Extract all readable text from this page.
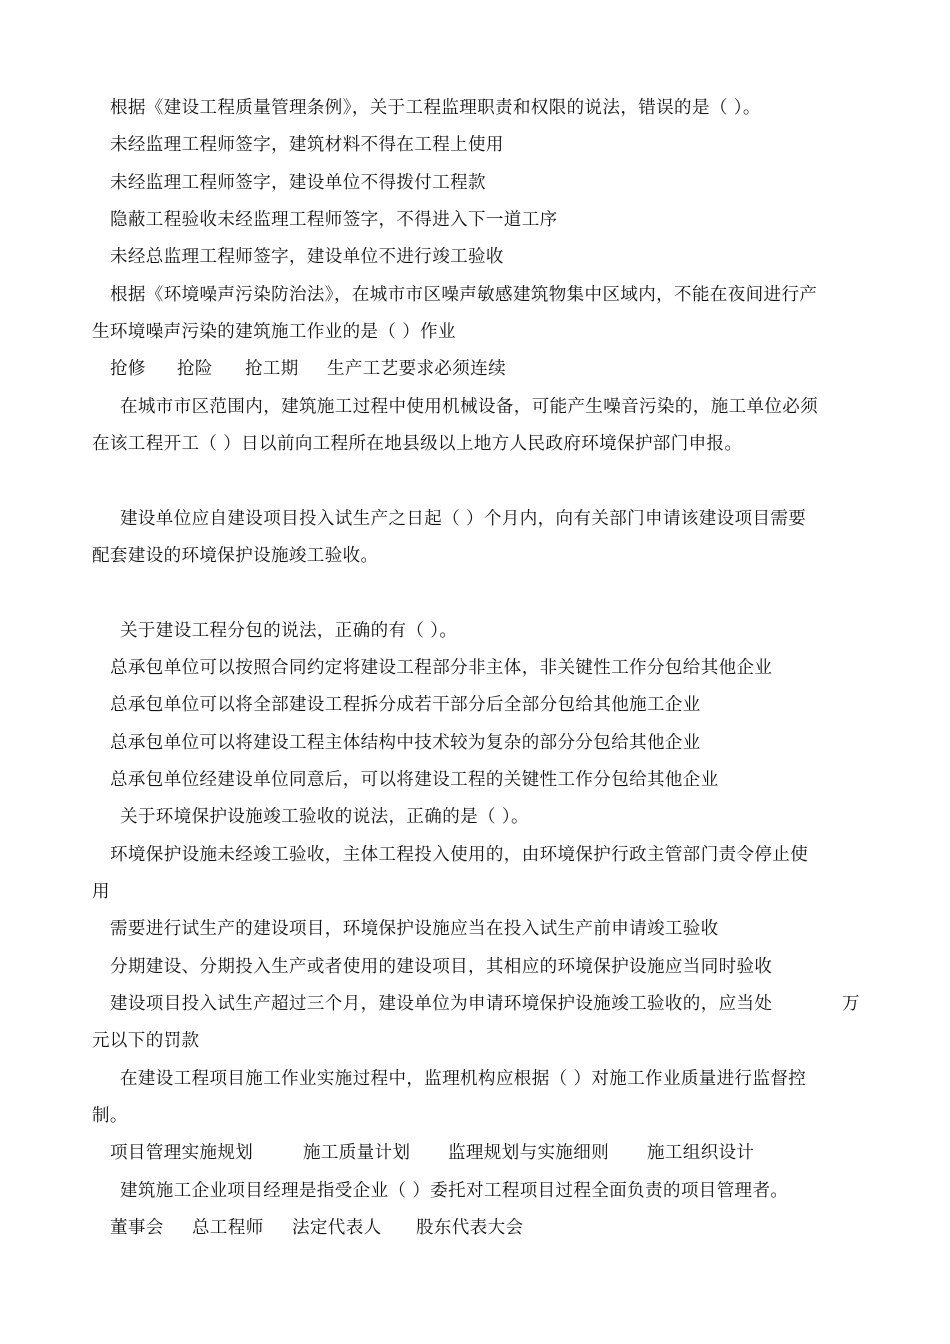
根据《建设工程质量管理条例》，关于工程监理职责和权限的说法，错误的是（ ）。
未经监理工程师签字，建筑材料不得在工程上使用
未经监理工程师签字，建设单位不得拨付工程款
隐蔽工程验收未经监理工程师签字，不得进入下一道工序
未经总监理工程师签字，建设单位不进行竣工验收
根据《环境噪声污染防治法》，在城市市区噪声敏感建筑物集中区域内，不能在夜间进行产
生环境噪声污染的建筑施工作业的是（ ）作业
抢修	抢险	抢工期	生产工艺要求必须连续
在城市市区范围内，建筑施工过程中使用机械设备，可能产生噪音污染的，施工单位必须
在该工程开工（ ）日以前向工程所在地县级以上地方人民政府环境保护部门申报。
建设单位应自建设项目投入试生产之日起（ ）个月内，向有关部门申请该建设项目需要
配套建设的环境保护设施竣工验收。
关于建设工程分包的说法，正确的有（ ）。
总承包单位可以按照合同约定将建设工程部分非主体，非关键性工作分包给其他企业
总承包单位可以将全部建设工程拆分成若干部分后全部分包给其他施工企业
总承包单位可以将建设工程主体结构中技术较为复杂的部分分包给其他企业
总承包单位经建设单位同意后，可以将建设工程的关键性工作分包给其他企业
关于环境保护设施竣工验收的说法，正确的是（ ）。
环境保护设施未经竣工验收，主体工程投入使用的，由环境保护行政主管部门责令停止使
用
需要进行试生产的建设项目，环境保护设施应当在投入试生产前申请竣工验收
分期建设、分期投入生产或者使用的建设项目，其相应的环境保护设施应当同时验收
建设项目投入试生产超过三个月，建设单位为申请环境保护设施竣工验收的，应当处	万
元以下的罚款
在建设工程项目施工作业实施过程中，监理机构应根据（ ）对施工作业质量进行监督控
制。
项目管理实施规划	施工质量计划	监理规划与实施细则	施工组织设计
建筑施工企业项目经理是指受企业（ ）委托对工程项目过程全面负责的项目管理者。
董事会	总工程师	法定代表人	股东代表大会
